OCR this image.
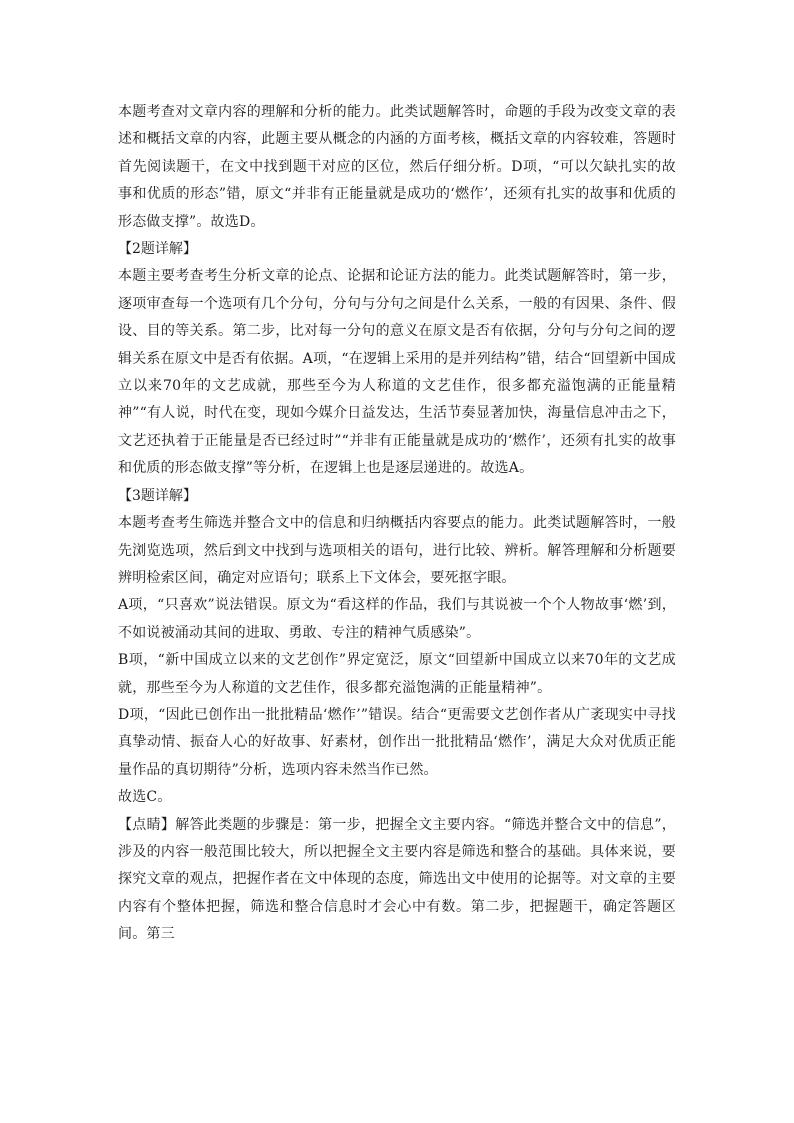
本题考查对文章内容的理解和分析的能力。此类试题解答时，命题的手段为改变文章的表述和概括文章的内容，此题主要从概念的内涵的方面考核，概括文章的内容较难，答题时首先阅读题干，在文中找到题干对应的区位，然后仔细分析。D项，“可以欠缺扎实的故事和优质的形态”错，原文“并非有正能量就是成功的‘燃作’，还须有扎实的故事和优质的形态做支撑”。故选D。

【2题详解】

本题主要考查考生分析文章的论点、论据和论证方法的能力。此类试题解答时，第一步，逐项审查每一个选项有几个分句，分句与分句之间是什么关系，一般的有因果、条件、假设、目的等关系。第二步，比对每一分句的意义在原文是否有依据，分句与分句之间的逻辑关系在原文中是否有依据。A项，“在逻辑上采用的是并列结构”错，结合“回望新中国成立以来70年的文艺成就，那些至今为人称道的文艺佳作，很多都充溢饱满的正能量精神”“有人说，时代在变，现如今媒介日益发达，生活节奏显著加快，海量信息冲击之下，文艺还执着于正能量是否已经过时”“并非有正能量就是成功的‘燃作’，还须有扎实的故事和优质的形态做支撑”等分析，在逻辑上也是逐层递进的。故选A。

【3题详解】

本题考查考生筛选并整合文中的信息和归纳概括内容要点的能力。此类试题解答时，一般先浏览选项，然后到文中找到与选项相关的语句，进行比较、辨析。解答理解和分析题要辨明检索区间，确定对应语句；联系上下文体会，要死抠字眼。

A项，“只喜欢”说法错误。原文为“看这样的作品，我们与其说被一个个人物故事‘燃’到，不如说被涌动其间的进取、勇敢、专注的精神气质感染”。

B项，“新中国成立以来的文艺创作”界定宽泛，原文“回望新中国成立以来70年的文艺成就，那些至今为人称道的文艺佳作，很多都充溢饱满的正能量精神”。

D项，“因此已创作出一批批精品‘燃作’”错误。结合“更需要文艺创作者从广袤现实中寻找真挚动情、振奋人心的好故事、好素材，创作出一批批精品‘燃作’，满足大众对优质正能量作品的真切期待”分析，选项内容未然当作已然。

故选C。

【点睛】解答此类题的步骤是：第一步，把握全文主要内容。“筛选并整合文中的信息”，涉及的内容一般范围比较大，所以把握全文主要内容是筛选和整合的基础。具体来说，要探究文章的观点，把握作者在文中体现的态度，筛选出文中使用的论据等。对文章的主要内容有个整体把握，筛选和整合信息时才会心中有数。第二步，把握题干，确定答题区间。第三
